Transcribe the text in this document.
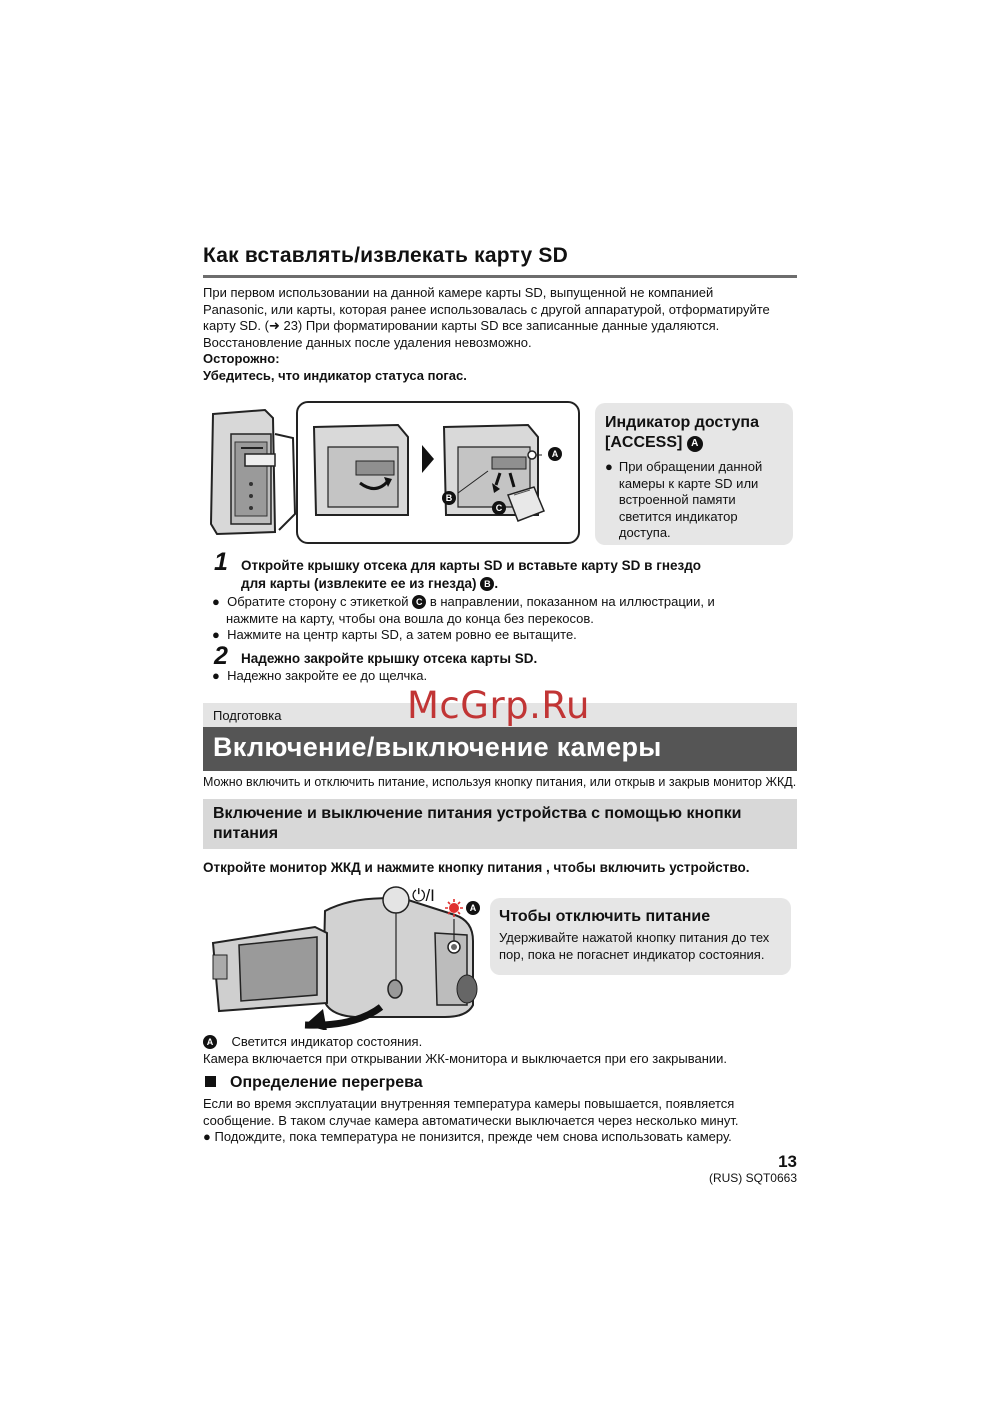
Как вставлять/извлекать карту SD

При первом использовании на данной камере карты SD, выпущенной не компанией

Panasonic, или карты, которая ранее использовалась с другой аппаратурой, отформатируйте

карту SD. (➜ 23) При форматировании карты SD все записанные данные удаляются.

Восстановление данных после удаления невозможно.

Осторожно:

Убедитесь, что индикатор статуса погас.

A
B
C
Индикатор доступа
[ACCESS] A
● При обращении данной
камеры к карте SD или
встроенной памяти
светится индикатор
доступа.
1 Откройте крышку отсека для карты SD и вставьте карту SD в гнездо
для карты (извлеките ее из гнезда) B .

●  Обратите сторону с этикеткой C в направлении, показанном на иллюстрации, и

нажмите на карту, чтобы она вошла до конца без перекосов.

●  Нажмите на центр карты SD, а затем ровно ее вытащите.

2 Надежно закройте крышку отсека карты SD.

●  Надежно закройте ее до щелчка.

Подготовка
Включение/выключение камеры
McGrp.Ru
Можно включить и отключить питание, используя кнопку питания, или открыв и закрыв монитор ЖКД.
Включение и выключение питания устройства с помощью кнопки питания
Откройте монитор ЖКД и нажмите кнопку питания , чтобы включить устройство.
⏻/I
A Чтобы отключить питание

Удерживайте нажатой кнопку питания до тех
пор, пока не погаснет индикатор состояния.

A Светится индикатор состояния.

Камера включается при открывании ЖК-монитора и выключается при его закрывании.

Определение перегрева

Если во время эксплуатации внутренняя температура камеры повышается, появляется

сообщение. В таком случае камера автоматически выключается через несколько минут.

● Подождите, пока температура не понизится, прежде чем снова использовать камеру.

13
(RUS) SQT0663
